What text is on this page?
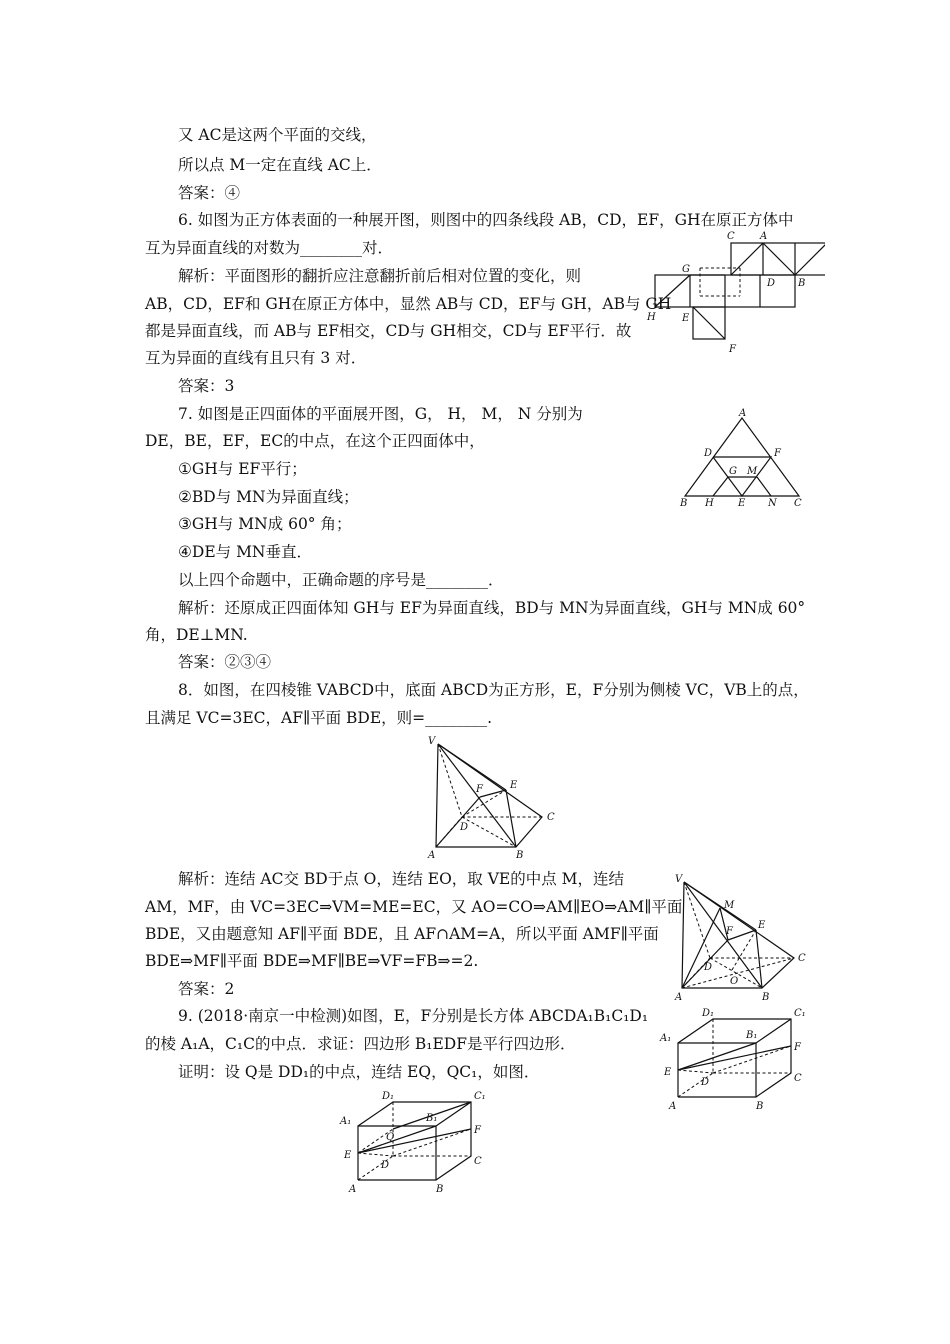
又 AC是这两个平面的交线，
所以点 M一定在直线 AC上．
答案：④
6. 如图为正方体表面的一种展开图，则图中的四条线段 AB，CD，EF，GH在原正方体中
互为异面直线的对数为________对．
解析：平面图形的翻折应注意翻折前后相对位置的变化，则
AB，CD，EF和 GH在原正方体中，显然 AB与 CD，EF与 GH，AB与 GH
都是异面直线，而 AB与 EF相交，CD与 GH相交，CD与 EF平行．故
互为异面的直线有且只有 3 对．
答案：3
7. 如图是正四面体的平面展开图，G， H， M， N 分别为
DE，BE，EF，EC的中点，在这个正四面体中，
①GH与 EF平行；
②BD与 MN为异面直线；
③GH与 MN成 60° 角；
④DE与 MN垂直．
以上四个命题中，正确命题的序号是________．
解析：还原成正四面体知 GH与 EF为异面直线，BD与 MN为异面直线，GH与 MN成 60°
角，DE⊥MN.
答案：②③④
8．如图，在四棱锥 VABCD中，底面 ABCD为正方形，E，F分别为侧棱 VC，VB上的点，
且满足 VC=3EC，AF∥平面 BDE，则=________.
解析：连结 AC交 BD于点 O，连结 EO，取 VE的中点 M，连结
AM，MF，由 VC=3EC⇒VM=ME=EC，又 AO=CO⇒AM∥EO⇒AM∥平面
BDE，又由题意知 AF∥平面 BDE，且 AF∩AM=A，所以平面 AMF∥平面
BDE⇒MF∥平面 BDE⇒MF∥BE⇒VF=FB⇒=2.
答案：2
9. (2018·南京一中检测)如图，E，F分别是长方体 ABCDA₁B₁C₁D₁
的棱 A₁A，C₁C的中点．求证：四边形 B₁EDF是平行四边形．
证明：设 Q是 DD₁的中点，连结 EQ，QC₁，如图．
C	A
G
D B
H	E
F
A
D	F
G M
B H E N C
V
F	E
D
C
A	B
V
M
F
E
D
O
C
A	B
D₁	C₁
A₁	B₁
F
E
D	C
A	B
D₁	C₁
A₁
Q
B₁
F
E
D	C
A	B
